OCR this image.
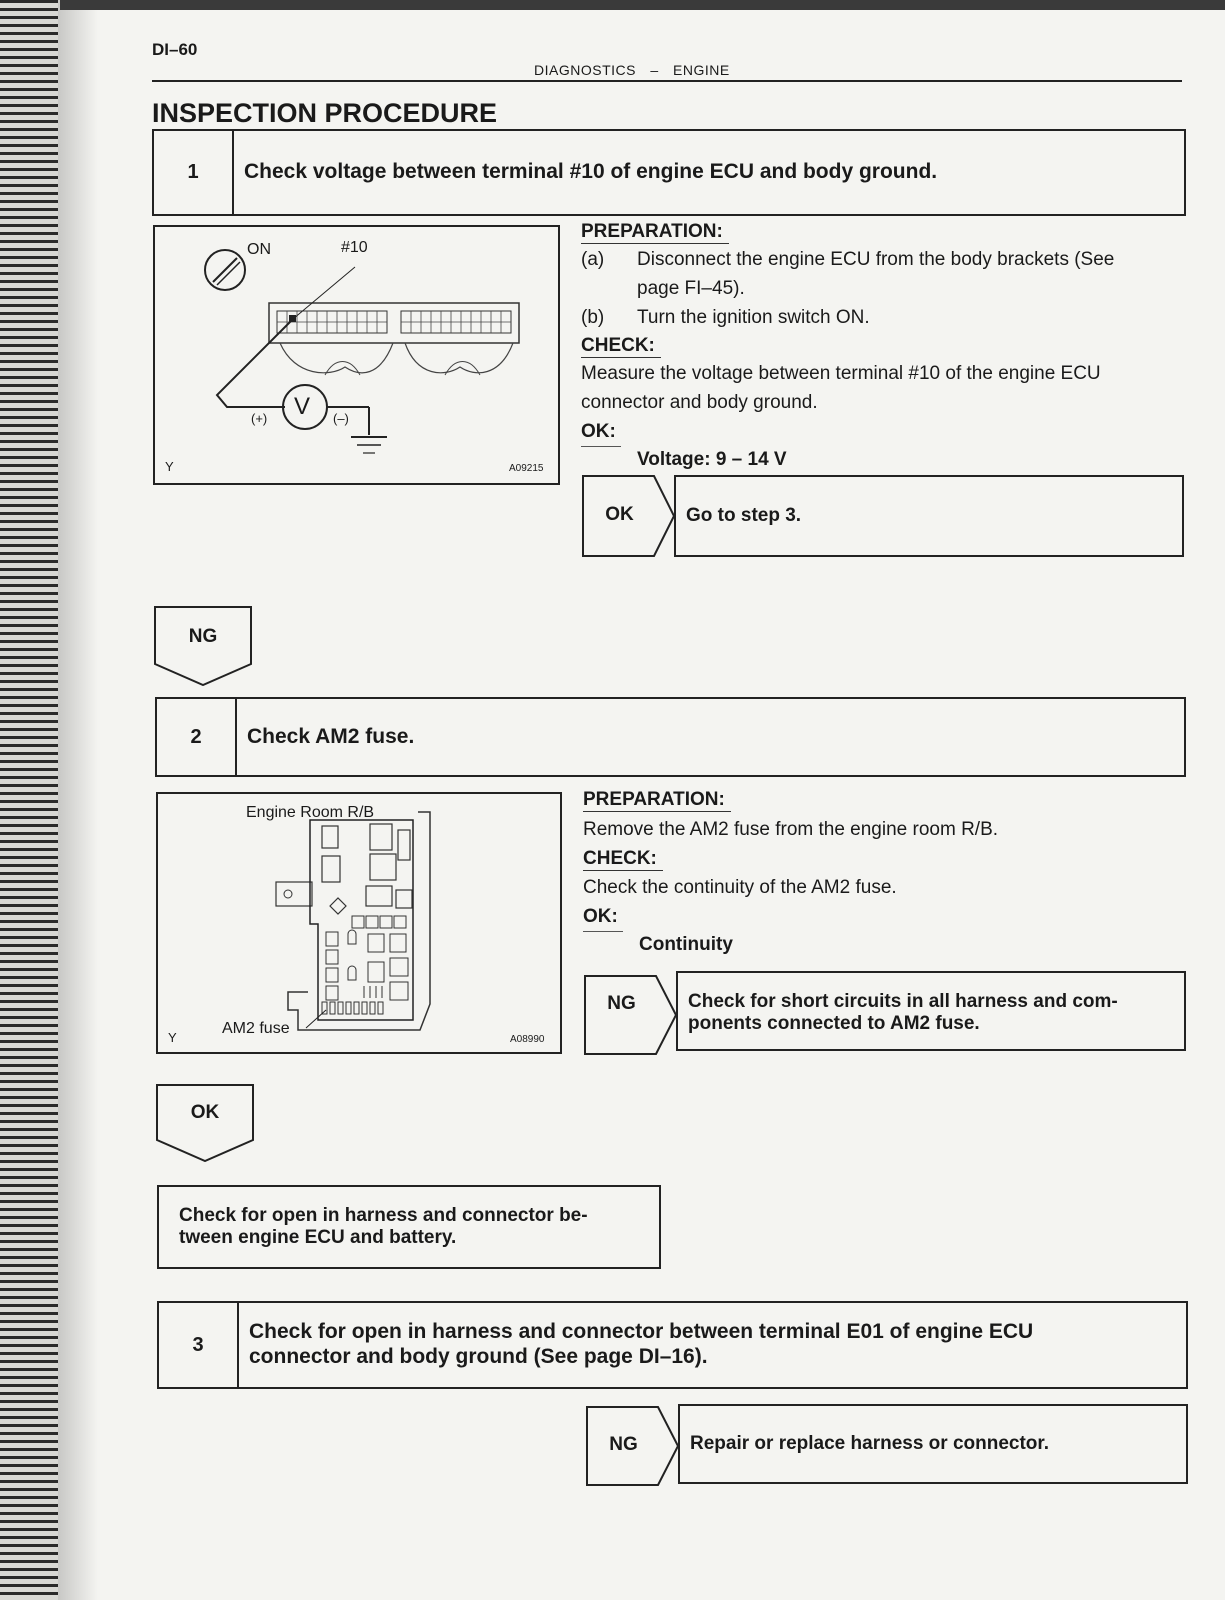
DI–60
DIAGNOSTICS – ENGINE
INSPECTION PROCEDURE
1	Check voltage between terminal #10 of engine ECU and body ground.
ON	#10
V
(+)	(–)
Y	A09215
PREPARATION:
(a) Disconnect the engine ECU from the body brackets (See
page FI–45).
(b) Turn the ignition switch ON.
CHECK:
Measure the voltage between terminal #10 of the engine ECU
connector and body ground.
OK:
Voltage: 9 – 14 V
OK	Go to step 3.
NG
2	Check AM2 fuse.
Engine Room R/B
AM2 fuse
Y	A08990
PREPARATION:
Remove the AM2 fuse from the engine room R/B.
CHECK:
Check the continuity of the AM2 fuse.
OK:
Continuity
NG	Check for short circuits in all harness and com-
ponents connected to AM2 fuse.
OK
Check for open in harness and connector be-
tween engine ECU and battery.
3
Check for open in harness and connector between terminal E01 of engine ECU
connector and body ground (See page DI–16).
NG	Repair or replace harness or connector.
